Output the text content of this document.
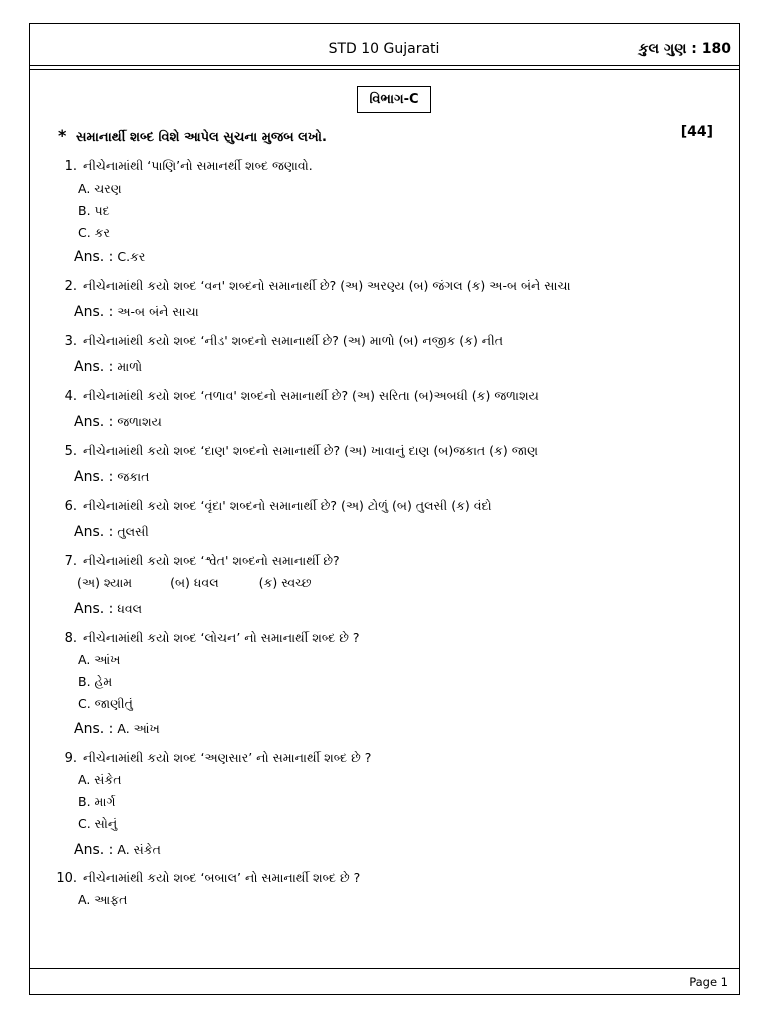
STD 10 Gujarati	કુલ ગુણ : 180
વિભાગ-C
* સમાનાર્થી શબ્દ વિશે આપેલ સુચના મુજબ લખો.	[44]
1. નીચેનામાંથી ‘પાણિ’નો સમાનર્થી શબ્દ જણાવો.
A. ચરણ
B. પદ
C. કર
Ans. : C.કર
2. નીચેનામાંથી કયો શબ્દ ‘વન' શબ્દનો સમાનાર્થી છે? (અ) અરણ્ય (બ) જંગલ (ક) અ-બ બંને સાચા
Ans. : અ-બ બંને સાચા
3. નીચેનામાંથી કયો શબ્દ ‘નીડ' શબ્દનો સમાનાર્થી છે? (અ) માળો (બ) નજીક (ક) નીત
Ans. : માળો
4. નીચેનામાંથી કયો શબ્દ ‘તળાવ' શબ્દનો સમાનાર્થી છે? (અ) સરિતા (બ)અબધી (ક) જળાશય
Ans. : જળાશય
5. નીચેનામાંથી કયો શબ્દ ‘દાણ' શબ્દનો સમાનાર્થી છે? (અ) ખાવાનું દાણ (બ)જકાત (ક) જાણ
Ans. : જકાત
6. નીચેનામાંથી કયો શબ્દ ‘વૃંદા' શબ્દનો સમાનાર્થી છે? (અ) ટોળું (બ) તુલસી (ક) વંદો
Ans. : તુલસી
7. નીચેનામાંથી કયો શબ્દ ‘શ્વેત' શબ્દનો સમાનાર્થી છે?
(અ) શ્યામ	(બ) ધવલ	(ક) સ્વચ્છ
Ans. : ધવલ
8. નીચેનામાંથી કયો શબ્દ ‘લોચન’ નો સમાનાર્થી શબ્દ છે ?
A. આંખ
B. હેમ
C. જાણીતું
Ans. : A. આંખ
9. નીચેનામાંથી કયો શબ્દ ‘અણસાર’ નો સમાનાર્થી શબ્દ છે ?
A. સંકેત
B. માર્ગ
C. સોનું
Ans. : A. સંકેત
10. નીચેનામાંથી કયો શબ્દ ‘બબાલ’ નો સમાનાર્થી શબ્દ છે ?
A. આફત
Page 1
